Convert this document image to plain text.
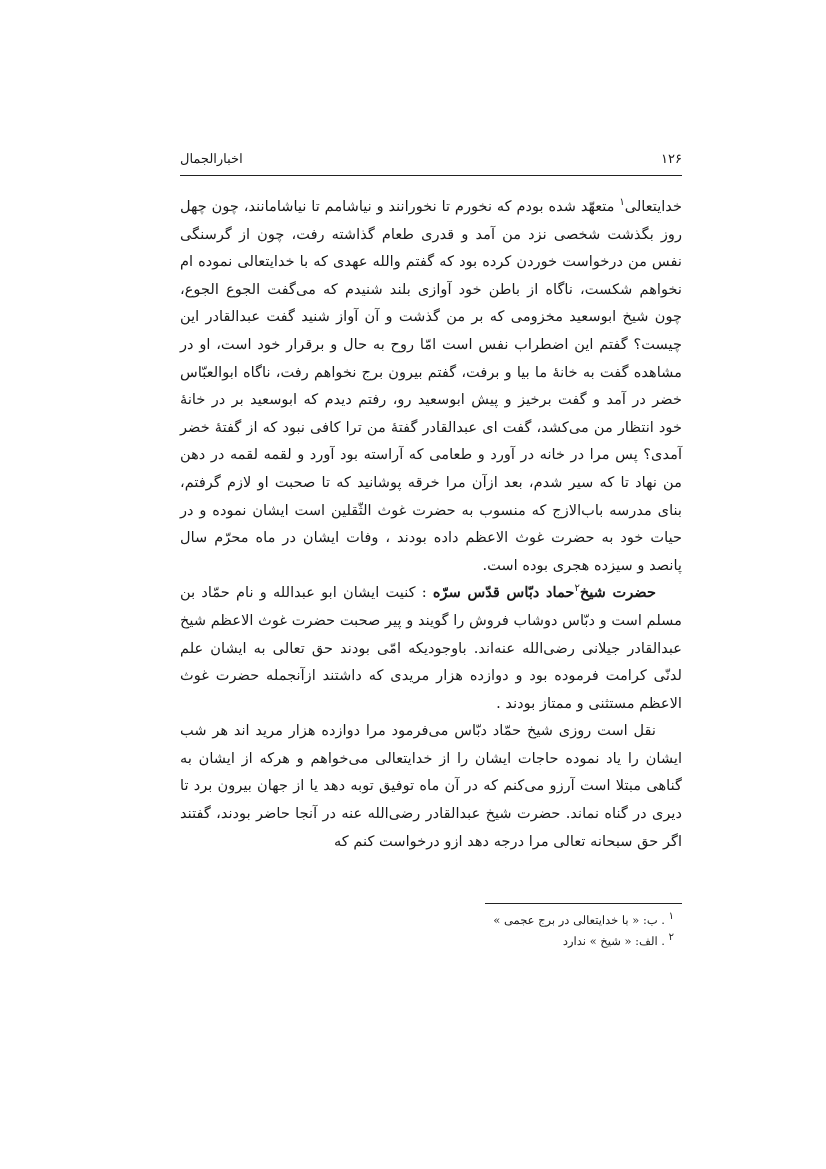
۱۲۶
اخبارالجمال

خدایتعالی$^۱$ متعهّد شده بودم که نخورم تا نخورانند و نیاشامم تا نیاشامانند، چون چهل روز بگذشت شخصی نزد من آمد و قدری طعام گذاشته رفت، چون از گرسنگی نفس من درخواست خوردن کرده بود که گفتم والله عهدی که با خدایتعالی نموده ام نخواهم شکست، ناگاه از باطن خود آوازی بلند شنیدم که می‌گفت الجوع الجوع، چون شیخ ابوسعید مخزومی که بر من گذشت و آن آواز شنید گفت عبدالقادر این چیست؟ گفتم این اضطراب نفس است امّا روح به حال و برقرار خود است، او در مشاهده گفت به خانهٔ ما بیا و برفت، گفتم بیرون برج نخواهم رفت، ناگاه ابوالعبّاس خضر در آمد و گفت برخیز و پیش ابوسعید رو، رفتم دیدم که ابوسعید بر در خانهٔ خود انتظار من می‌کشد، گفت ای عبدالقادر گفتهٔ من ترا کافی نبود که از گفتهٔ خضر آمدی؟ پس مرا در خانه در آورد و طعامی که آراسته بود آورد و لقمه لقمه در دهن من نهاد تا که سیر شدم، بعد ازآن مرا خرقه پوشانید که تا صحبت او لازم گرفتم، بنای مدرسه باب‌الازج که منسوب به حضرت غوث الثّقلین است ایشان نموده و در حیات خود به حضرت غوث الاعظم داده بودند ، وفات ایشان در ماه محرّم سال پانصد و سیزده هجری بوده است.

حضرت شیخ$^۲$حماد دبّاس قدّس سرّه : کنیت ایشان ابو عبدالله و نام حمّاد بن مسلم است و دبّاس دوشاب فروش را گویند و پیر صحبت حضرت غوث الاعظم شیخ عبدالقادر جیلانی رضی‌الله عنه‌اند. باوجودیکه امّی بودند حق تعالی به ایشان علم لدنّی کرامت فرموده بود و دوازده هزار مریدی که داشتند ازآنجمله حضرت غوث الاعظم مستثنی و ممتاز بودند .

نقل است روزی شیخ حمّاد دبّاس می‌فرمود مرا دوازده هزار مرید اند هر شب ایشان را یاد نموده حاجات ایشان را از خدایتعالی می‌خواهم و هرکه از ایشان به گناهی مبتلا است آرزو می‌کنم که در آن ماه توفیق توبه دهد یا از جهان بیرون برد تا دیری در گناه نماند. حضرت شیخ عبدالقادر رضی‌الله عنه در آنجا حاضر بودند، گفتند اگر حق سبحانه تعالی مرا درجه دهد ازو درخواست کنم که

$^۱$ . ب: « با خدایتعالی در برج عجمی »
$^۲$ . الف: « شیخ » ندارد
